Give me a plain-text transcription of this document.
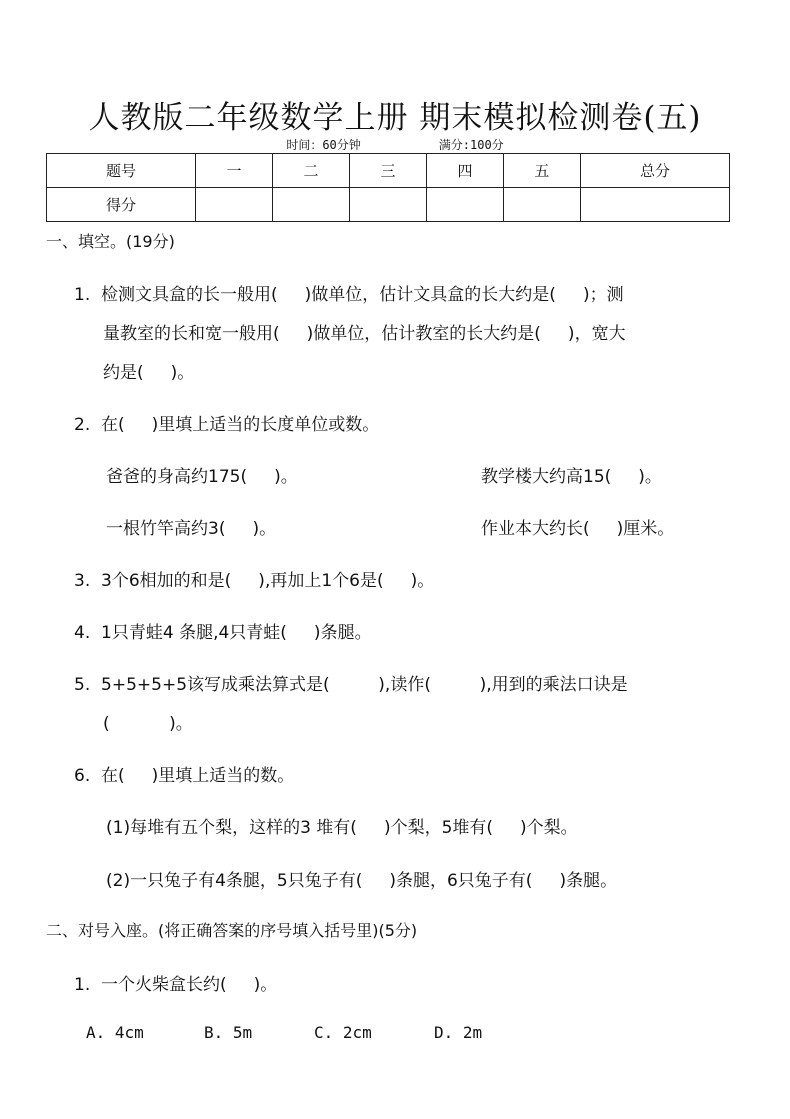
人教版二年级数学上册 期末模拟检测卷(五)
时间：60分钟	满分:100分
题号	一	二	三	四	五	总分
得分						
一、填空。(19分)
1.  检测文具盒的长一般用(     )做单位，估计文具盒的长大约是(     )；测
量教室的长和宽一般用(     )做单位，估计教室的长大约是(     )，宽大
约是(     )。
2.  在(     )里填上适当的长度单位或数。
爸爸的身高约175(     )。	教学楼大约高15(     )。
一根竹竿高约3(     )。	作业本大约长(     )厘米。
3.  3个6相加的和是(     ),再加上1个6是(     )。
4.  1只青蛙4 条腿,4只青蛙(     )条腿。
5.  5+5+5+5该写成乘法算式是(         ),读作(         ),用到的乘法口诀是
(           )。
6.  在(     )里填上适当的数。
(1)每堆有五个梨，这样的3 堆有(     )个梨，5堆有(     )个梨。
(2)一只兔子有4条腿，5只兔子有(     )条腿，6只兔子有(     )条腿。
二、对号入座。(将正确答案的序号填入括号里)(5分)
1.  一个火柴盒长约(     )。
A. 4cm	B. 5m	C. 2cm	D. 2m
